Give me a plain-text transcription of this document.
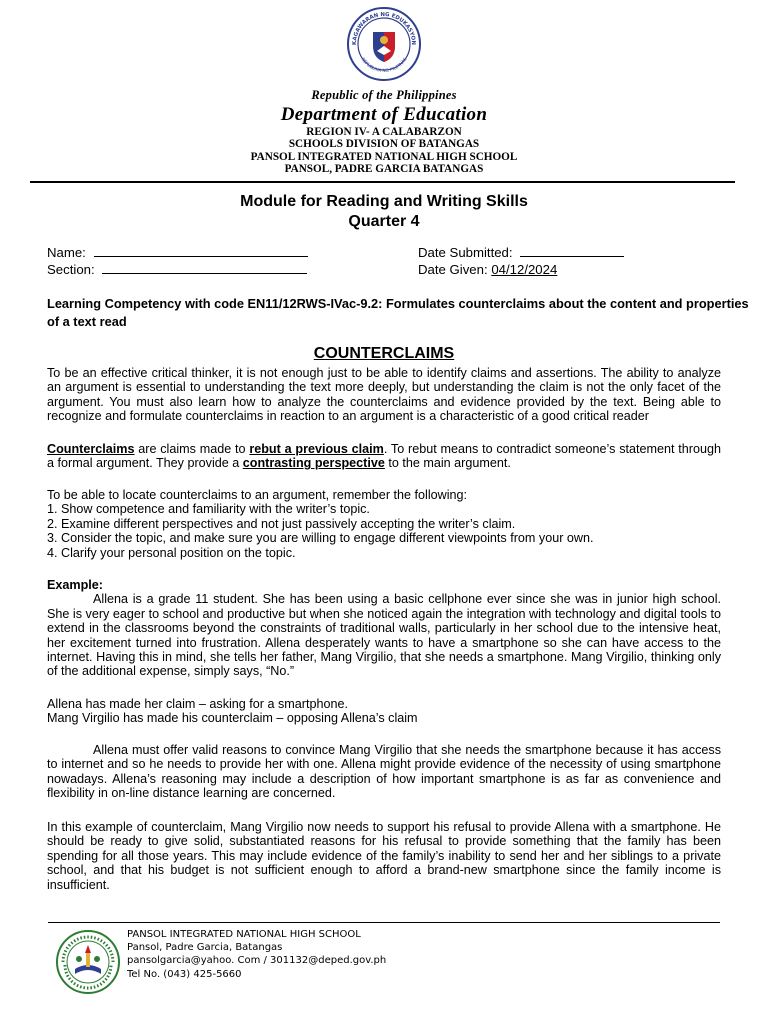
KAGAWARAN NG EDUKASYON
REPUBLIKA NG PILIPINAS
Republic of the Philippines
Department of Education
REGION IV- A CALABARZON
SCHOOLS DIVISION OF BATANGAS
PANSOL INTEGRATED NATIONAL HIGH SCHOOL
PANSOL, PADRE GARCIA BATANGAS
Module for Reading and Writing Skills
Quarter 4
Name:
Section:
Date Submitted:
Date Given: 04/12/2024
Learning Competency with code EN11/12RWS-IVac-9.2: Formulates counterclaims about the content and properties of a text read
COUNTERCLAIMS
To be an effective critical thinker, it is not enough just to be able to identify claims and assertions. The ability to analyze an argument is essential to understanding the text more deeply, but understanding the claim is not the only facet of the argument. You must also learn how to analyze the counterclaims and evidence provided by the text. Being able to recognize and formulate counterclaims in reaction to an argument is a characteristic of a good critical reader
Counterclaims are claims made to rebut a previous claim. To rebut means to contradict someone’s statement through a formal argument. They provide a contrasting perspective to the main argument.
To be able to locate counterclaims to an argument, remember the following:
1. Show competence and familiarity with the writer’s topic.
2. Examine different perspectives and not just passively accepting the writer’s claim.
3. Consider the topic, and make sure you are willing to engage different viewpoints from your own.
4. Clarify your personal position on the topic.
Example:
Allena is a grade 11 student. She has been using a basic cellphone ever since she was in junior high school. She is very eager to school and productive but when she noticed again the integration with technology and digital tools to extend in the classrooms beyond the constraints of traditional walls, particularly in her school due to the intensive heat, her excitement turned into frustration. Allena desperately wants to have a smartphone so she can have access to the internet. Having this in mind, she tells her father, Mang Virgilio, that she needs a smartphone. Mang Virgilio, thinking only of the additional expense, simply says, “No.”
Allena has made her claim – asking for a smartphone.
Mang Virgilio has made his counterclaim – opposing Allena’s claim
Allena must offer valid reasons to convince Mang Virgilio that she needs the smartphone because it has access to internet and so he needs to provide her with one. Allena might provide evidence of the necessity of using smartphone nowadays. Allena’s reasoning may include a description of how important smartphone is as far as convenience and flexibility in on-line distance learning are concerned.
In this example of counterclaim, Mang Virgilio now needs to support his refusal to provide Allena with a smartphone. He should be ready to give solid, substantiated reasons for his refusal to provide something that the family has been spending for all those years. This may include evidence of the family’s inability to send her and her siblings to a private school, and that his budget is not sufficient enough to afford a brand-new smartphone since the family income is insufficient.
PANSOL INTEGRATED NATIONAL HIGH SCHOOL
Pansol, Padre Garcia, Batangas
pansolgarcia@yahoo. Com / 301132@deped.gov.ph
Tel No. (043) 425-5660
